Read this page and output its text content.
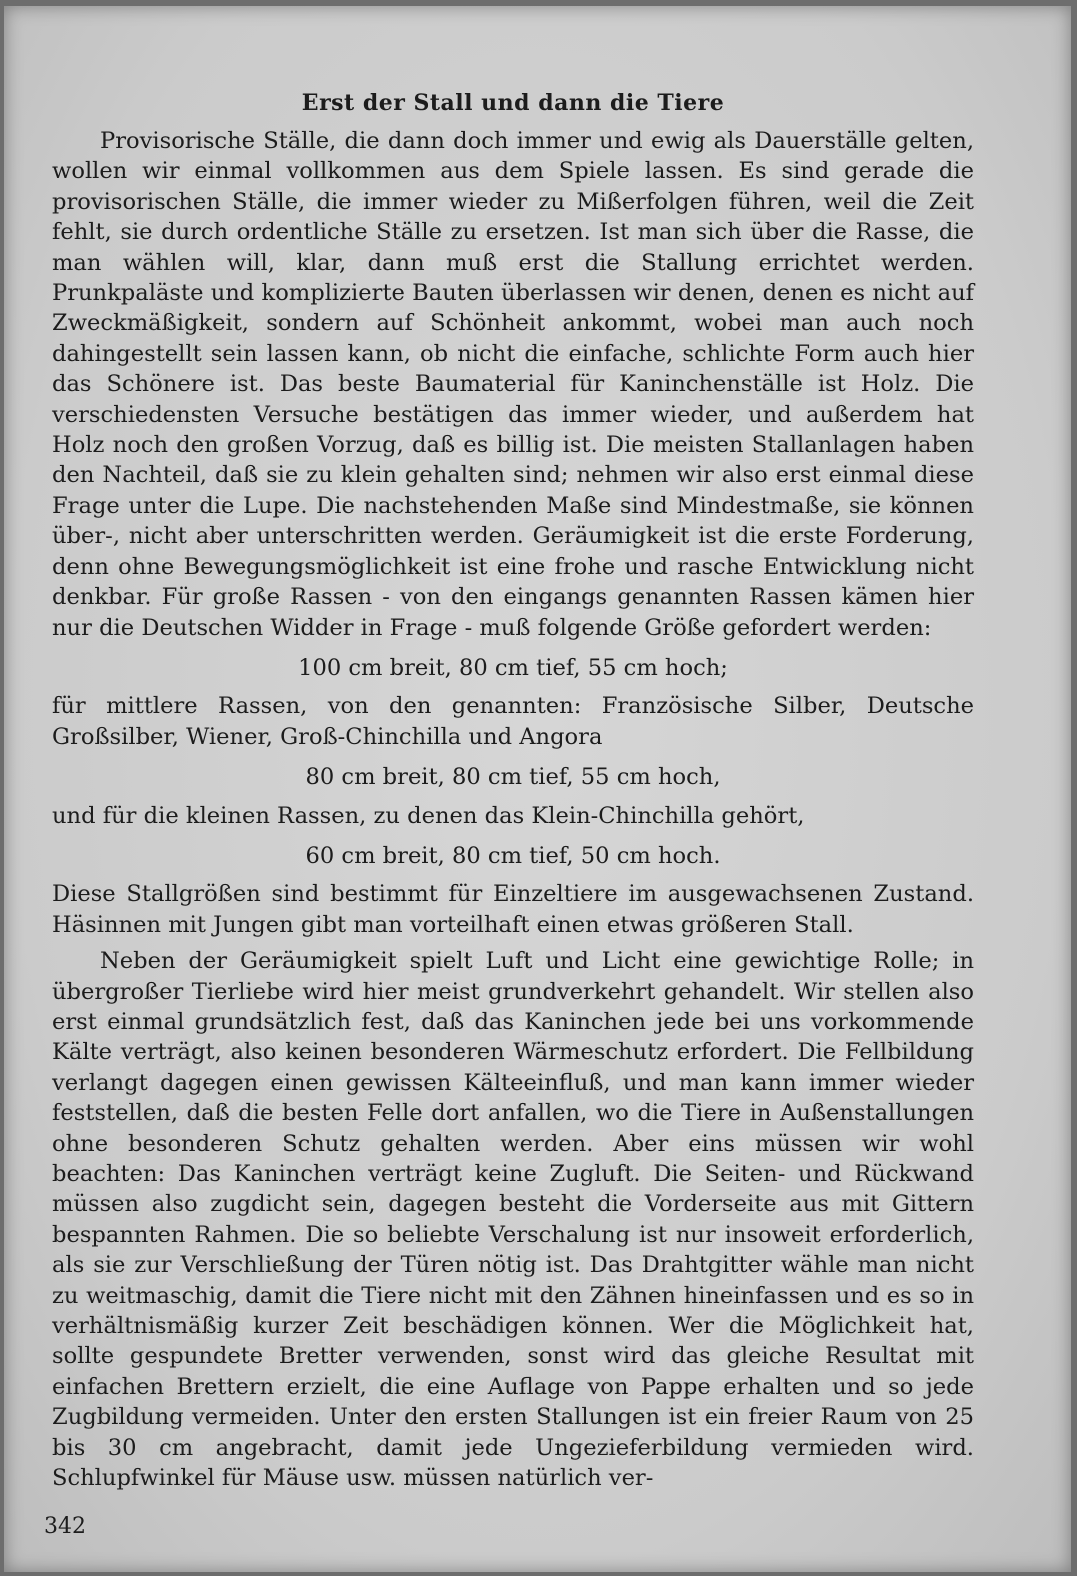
Erst der Stall und dann die Tiere

Provisorische Ställe, die dann doch immer und ewig als Dauerställe gelten, wollen wir einmal vollkommen aus dem Spiele lassen. Es sind gerade die provisorischen Ställe, die immer wieder zu Mißerfolgen führen, weil die Zeit fehlt, sie durch ordentliche Ställe zu ersetzen. Ist man sich über die Rasse, die man wählen will, klar, dann muß erst die Stallung errichtet werden. Prunkpaläste und komplizierte Bauten überlassen wir denen, denen es nicht auf Zweckmäßigkeit, sondern auf Schönheit ankommt, wobei man auch noch dahingestellt sein lassen kann, ob nicht die einfache, schlichte Form auch hier das Schönere ist. Das beste Baumaterial für Kaninchenställe ist Holz. Die verschiedensten Versuche bestätigen das immer wieder, und außerdem hat Holz noch den großen Vorzug, daß es billig ist. Die meisten Stallanlagen haben den Nachteil, daß sie zu klein gehalten sind; nehmen wir also erst einmal diese Frage unter die Lupe. Die nachstehenden Maße sind Mindestmaße, sie können über-, nicht aber unterschritten werden. Geräumigkeit ist die erste Forderung, denn ohne Bewegungsmöglichkeit ist eine frohe und rasche Entwicklung nicht denkbar. Für große Rassen - von den eingangs genannten Rassen kämen hier nur die Deutschen Widder in Frage - muß folgende Größe gefordert werden:

100 cm breit, 80 cm tief, 55 cm hoch;

für mittlere Rassen, von den genannten: Französische Silber, Deutsche Großsilber, Wiener, Groß-Chinchilla und Angora

80 cm breit, 80 cm tief, 55 cm hoch,

und für die kleinen Rassen, zu denen das Klein-Chinchilla gehört,

60 cm breit, 80 cm tief, 50 cm hoch.

Diese Stallgrößen sind bestimmt für Einzeltiere im ausgewachsenen Zustand. Häsinnen mit Jungen gibt man vorteilhaft einen etwas größeren Stall.

Neben der Geräumigkeit spielt Luft und Licht eine gewichtige Rolle; in übergroßer Tierliebe wird hier meist grundverkehrt gehandelt. Wir stellen also erst einmal grundsätzlich fest, daß das Kaninchen jede bei uns vorkommende Kälte verträgt, also keinen besonderen Wärmeschutz erfordert. Die Fellbildung verlangt dagegen einen gewissen Kälteeinfluß, und man kann immer wieder feststellen, daß die besten Felle dort anfallen, wo die Tiere in Außenstallungen ohne besonderen Schutz gehalten werden. Aber eins müssen wir wohl beachten: Das Kaninchen verträgt keine Zugluft. Die Seiten- und Rückwand müssen also zugdicht sein, dagegen besteht die Vorderseite aus mit Gittern bespannten Rahmen. Die so beliebte Verschalung ist nur insoweit erforderlich, als sie zur Verschließung der Türen nötig ist. Das Drahtgitter wähle man nicht zu weitmaschig, damit die Tiere nicht mit den Zähnen hineinfassen und es so in verhältnismäßig kurzer Zeit beschädigen können. Wer die Möglichkeit hat, sollte gespundete Bretter verwenden, sonst wird das gleiche Resultat mit einfachen Brettern erzielt, die eine Auflage von Pappe erhalten und so jede Zugbildung vermeiden. Unter den ersten Stallungen ist ein freier Raum von 25 bis 30 cm angebracht, damit jede Ungezieferbildung vermieden wird. Schlupfwinkel für Mäuse usw. müssen natürlich ver-

342
